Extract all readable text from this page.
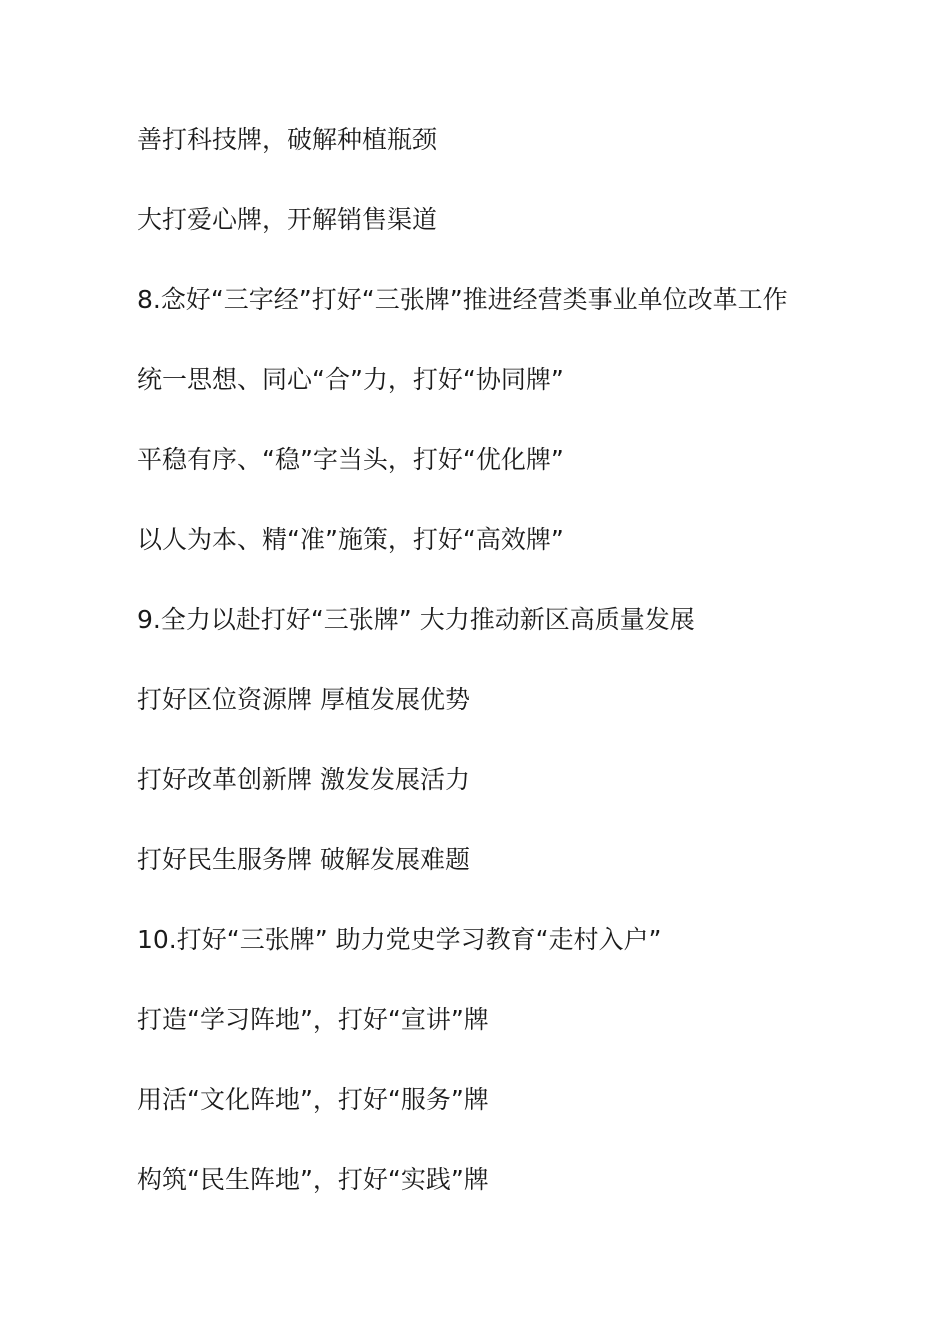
善打科技牌，破解种植瓶颈
大打爱心牌，开解销售渠道
8.念好“三字经”打好“三张牌”推进经营类事业单位改革工作
统一思想、同心“合”力，打好“协同牌”
平稳有序、“稳”字当头，打好“优化牌”
以人为本、精“准”施策，打好“高效牌”
9.全力以赴打好“三张牌” 大力推动新区高质量发展
打好区位资源牌 厚植发展优势
打好改革创新牌 激发发展活力
打好民生服务牌 破解发展难题
10.打好“三张牌” 助力党史学习教育“走村入户”
打造“学习阵地”，打好“宣讲”牌
用活“文化阵地”，打好“服务”牌
构筑“民生阵地”，打好“实践”牌
